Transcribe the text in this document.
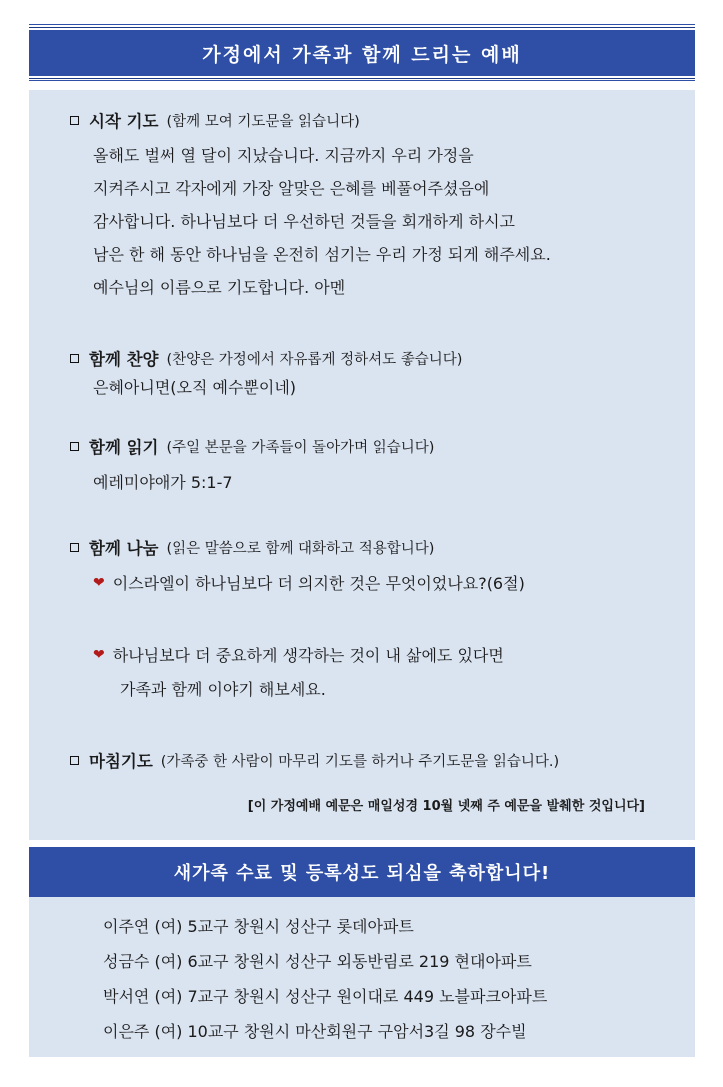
가정에서 가족과 함께 드리는 예배
시작 기도 (함께 모여 기도문을 읽습니다)
올해도 벌써 열 달이 지났습니다. 지금까지 우리 가정을
지켜주시고 각자에게 가장 알맞은 은혜를 베풀어주셨음에
감사합니다. 하나님보다 더 우선하던 것들을 회개하게 하시고
남은 한 해 동안 하나님을 온전히 섬기는 우리 가정 되게 해주세요.
예수님의 이름으로 기도합니다. 아멘
함께 찬양 (찬양은 가정에서 자유롭게 정하셔도 좋습니다)
은혜아니면(오직 예수뿐이네)
함께 읽기 (주일 본문을 가족들이 돌아가며 읽습니다)
예레미야애가 5:1-7
함께 나눔 (읽은 말씀으로 함께 대화하고 적용합니다)
❤ 이스라엘이 하나님보다 더 의지한 것은 무엇이었나요?(6절)
❤ 하나님보다 더 중요하게 생각하는 것이 내 삶에도 있다면
가족과 함께 이야기 해보세요.
마침기도 (가족중 한 사람이 마무리 기도를 하거나 주기도문을 읽습니다.)
[이 가정예배 예문은 매일성경 10월 넷째 주 예문을 발췌한 것입니다]
새가족 수료 및 등록성도 되심을 축하합니다!
이주연 (여) 5교구 창원시 성산구 롯데아파트
성금수 (여) 6교구 창원시 성산구 외동반림로 219 현대아파트
박서연 (여) 7교구 창원시 성산구 원이대로 449 노블파크아파트
이은주 (여) 10교구 창원시 마산회원구 구암서3길 98 장수빌
